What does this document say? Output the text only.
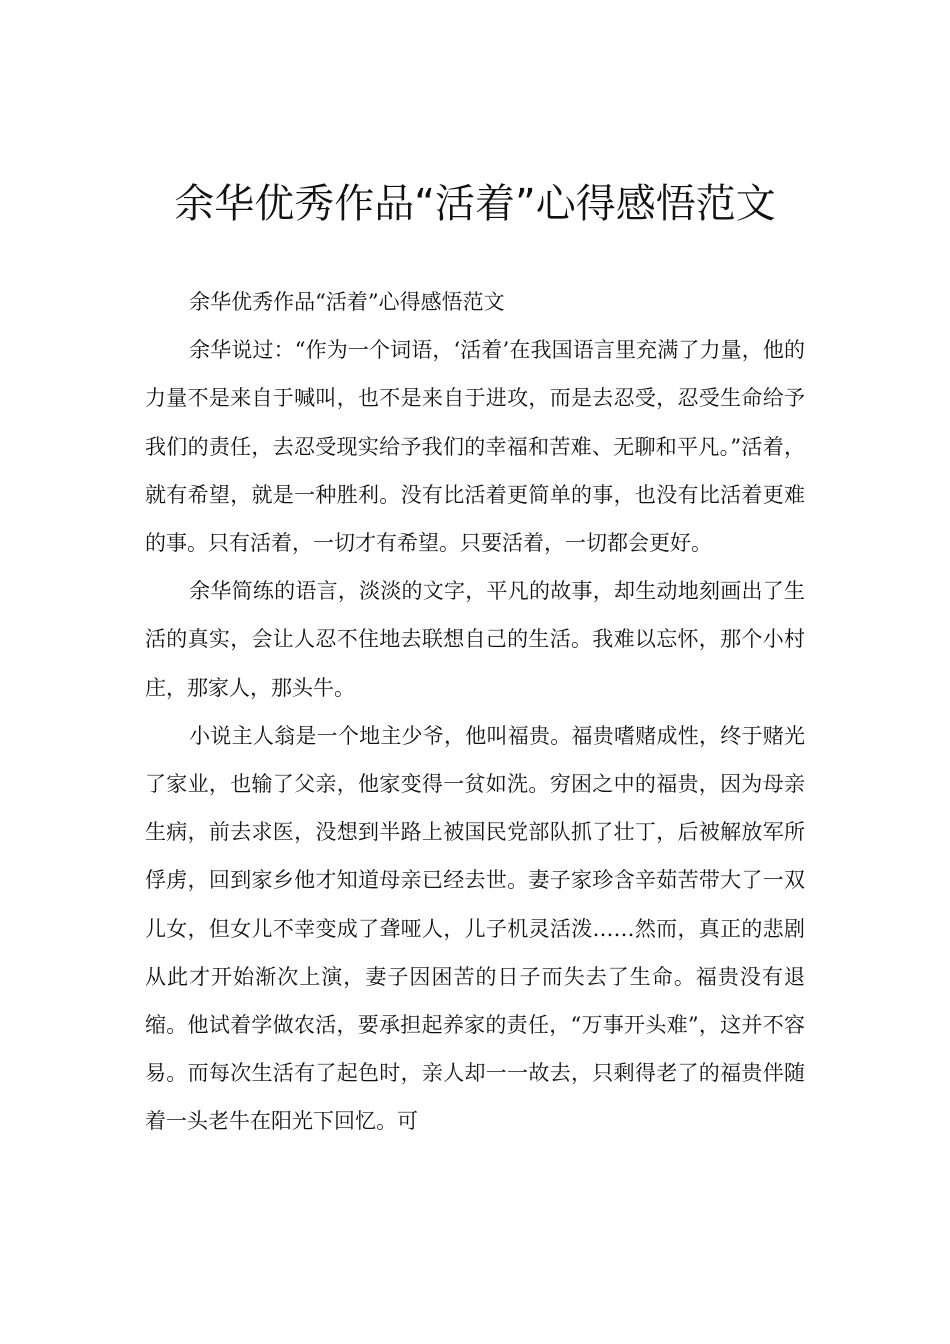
余华优秀作品“活着”心得感悟范文

余华优秀作品“活着”心得感悟范文

余华说过：“作为一个词语，‘活着’在我国语言里充满了力量，他的力量不是来自于喊叫，也不是来自于进攻，而是去忍受，忍受生命给予我们的责任，去忍受现实给予我们的幸福和苦难、无聊和平凡。”活着，就有希望，就是一种胜利。没有比活着更简单的事，也没有比活着更难的事。只有活着，一切才有希望。只要活着，一切都会更好。

余华简练的语言，淡淡的文字，平凡的故事，却生动地刻画出了生活的真实，会让人忍不住地去联想自己的生活。我难以忘怀，那个小村庄，那家人，那头牛。

小说主人翁是一个地主少爷，他叫福贵。福贵嗜赌成性，终于赌光了家业，也输了父亲，他家变得一贫如洗。穷困之中的福贵，因为母亲生病，前去求医，没想到半路上被国民党部队抓了壮丁，后被解放军所俘虏，回到家乡他才知道母亲已经去世。妻子家珍含辛茹苦带大了一双儿女，但女儿不幸变成了聋哑人，儿子机灵活泼……然而，真正的悲剧从此才开始渐次上演，妻子因困苦的日子而失去了生命。福贵没有退缩。他试着学做农活，要承担起养家的责任，“万事开头难”，这并不容易。而每次生活有了起色时，亲人却一一故去，只剩得老了的福贵伴随着一头老牛在阳光下回忆。可
